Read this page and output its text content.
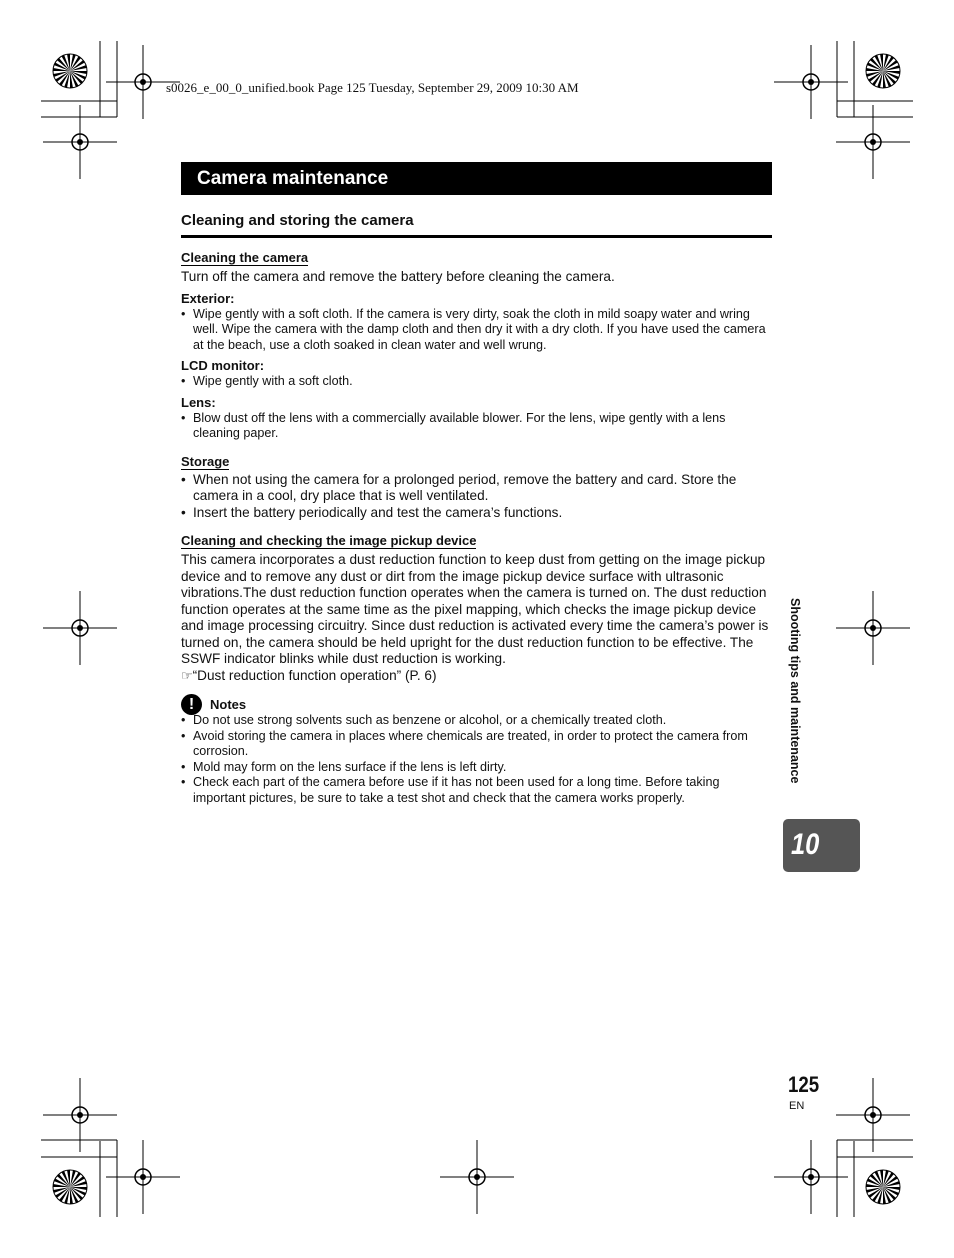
s0026_e_00_0_unified.book Page 125 Tuesday, September 29, 2009 10:30 AM
Camera maintenance
Cleaning and storing the camera
Cleaning the camera
Turn off the camera and remove the battery before cleaning the camera.
Exterior:
• Wipe gently with a soft cloth. If the camera is very dirty, soak the cloth in mild soapy water and wring well. Wipe the camera with the damp cloth and then dry it with a dry cloth. If you have used the camera at the beach, use a cloth soaked in clean water and well wrung.
LCD monitor:
• Wipe gently with a soft cloth.
Lens:
• Blow dust off the lens with a commercially available blower. For the lens, wipe gently with a lens cleaning paper.
Storage
• When not using the camera for a prolonged period, remove the battery and card. Store the camera in a cool, dry place that is well ventilated.
• Insert the battery periodically and test the camera’s functions.
Cleaning and checking the image pickup device
This camera incorporates a dust reduction function to keep dust from getting on the image pickup device and to remove any dust or dirt from the image pickup device surface with ultrasonic vibrations.The dust reduction function operates when the camera is turned on. The dust reduction function operates at the same time as the pixel mapping, which checks the image pickup device and image processing circuitry. Since dust reduction is activated every time the camera’s power is turned on, the camera should be held upright for the dust reduction function to be effective. The SSWF indicator blinks while dust reduction is working.
☞“Dust reduction function operation” (P. 6)
!	Notes
• Do not use strong solvents such as benzene or alcohol, or a chemically treated cloth.
• Avoid storing the camera in places where chemicals are treated, in order to protect the camera from corrosion.
• Mold may form on the lens surface if the lens is left dirty.
• Check each part of the camera before use if it has not been used for a long time. Before taking important pictures, be sure to take a test shot and check that the camera works properly.
Shooting tips and maintenance
10
125
EN
